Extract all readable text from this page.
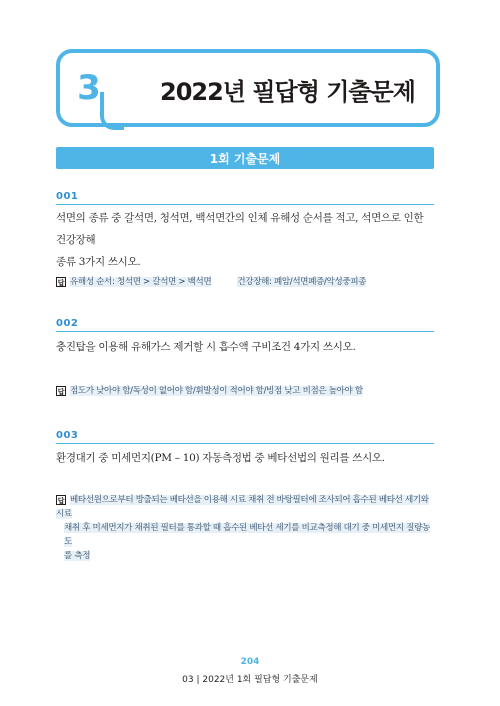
3	2022년 필답형 기출문제
1회 기출문제
001
석면의 종류 중 갈석면, 청석면, 백석면간의 인체 유해성 순서를 적고, 석면으로 인한 건강장해
종류 3가지 쓰시오.
답 유해성 순서: 청석면 > 갈석면 > 백석면	건강장해: 폐암/석면폐증/악성중피종
002
충진탑을 이용해 유해가스 제거할 시 흡수액 구비조건 4가지 쓰시오.
답 점도가 낮아야 함/독성이 없어야 함/휘발성이 적어야 함/빙점 낮고 비점은 높아야 함
003
환경대기 중 미세먼지(PM – 10) 자동측정법 중 베타선법의 원리를 쓰시오.
답 베타선원으로부터 방출되는 베타선을 이용해 시료 채취 전 바탕필터에 조사되어 흡수된 베타선 세기와 시료
채취 후 미세먼지가 채취된 필터를 통과할 때 흡수된 베타선 세기를 비교측정해 대기 중 미세먼지 질량농도
를 측정
204
03 | 2022년 1회 필답형 기출문제
